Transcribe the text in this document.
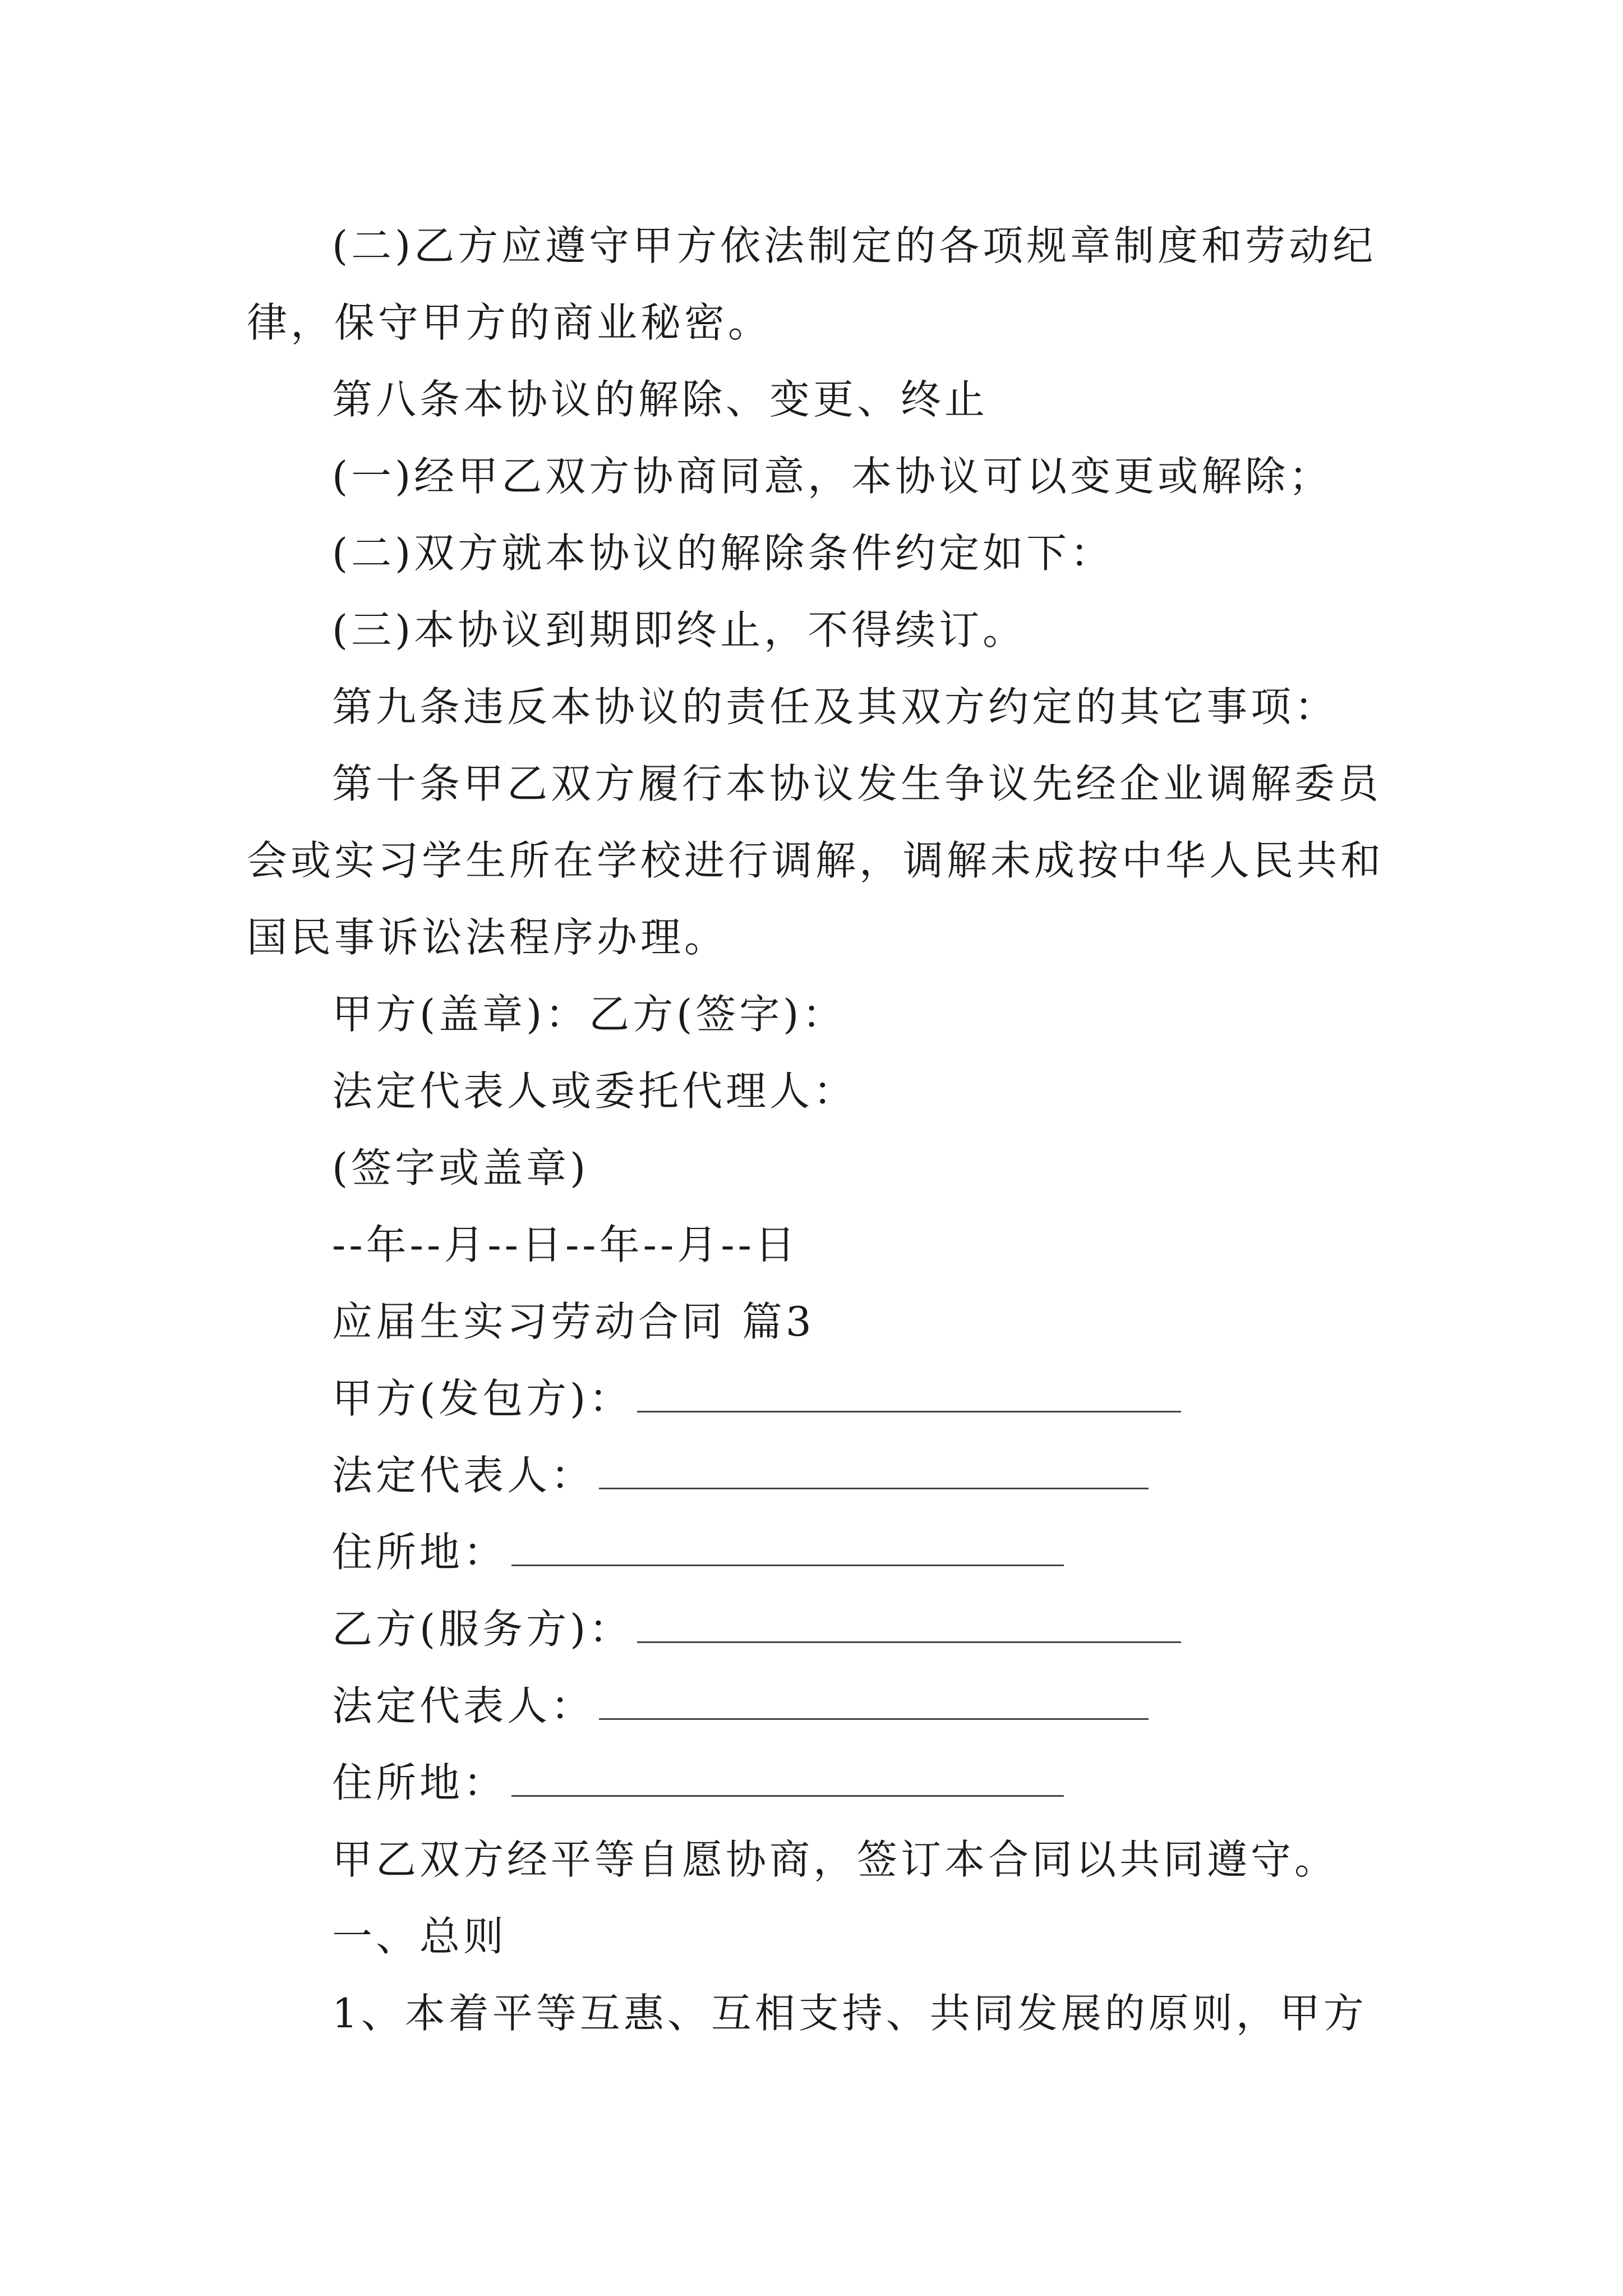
(二)乙方应遵守甲方依法制定的各项规章制度和劳动纪律，保守甲方的商业秘密。

第八条本协议的解除、变更、终止

(一)经甲乙双方协商同意，本协议可以变更或解除；

(二)双方就本协议的解除条件约定如下：

(三)本协议到期即终止，不得续订。

第九条违反本协议的责任及其双方约定的其它事项：

第十条甲乙双方履行本协议发生争议先经企业调解委员会或实习学生所在学校进行调解，调解未成按中华人民共和国民事诉讼法程序办理。

甲方(盖章)：乙方(签字)：

法定代表人或委托代理人：

(签字或盖章)

--年--月--日--年--月--日

应届生实习劳动合同 篇3

甲方(发包方)：

法定代表人：

住所地：

乙方(服务方)：

法定代表人：

住所地：

甲乙双方经平等自愿协商，签订本合同以共同遵守。

一、总则

1、本着平等互惠、互相支持、共同发展的原则，甲方
